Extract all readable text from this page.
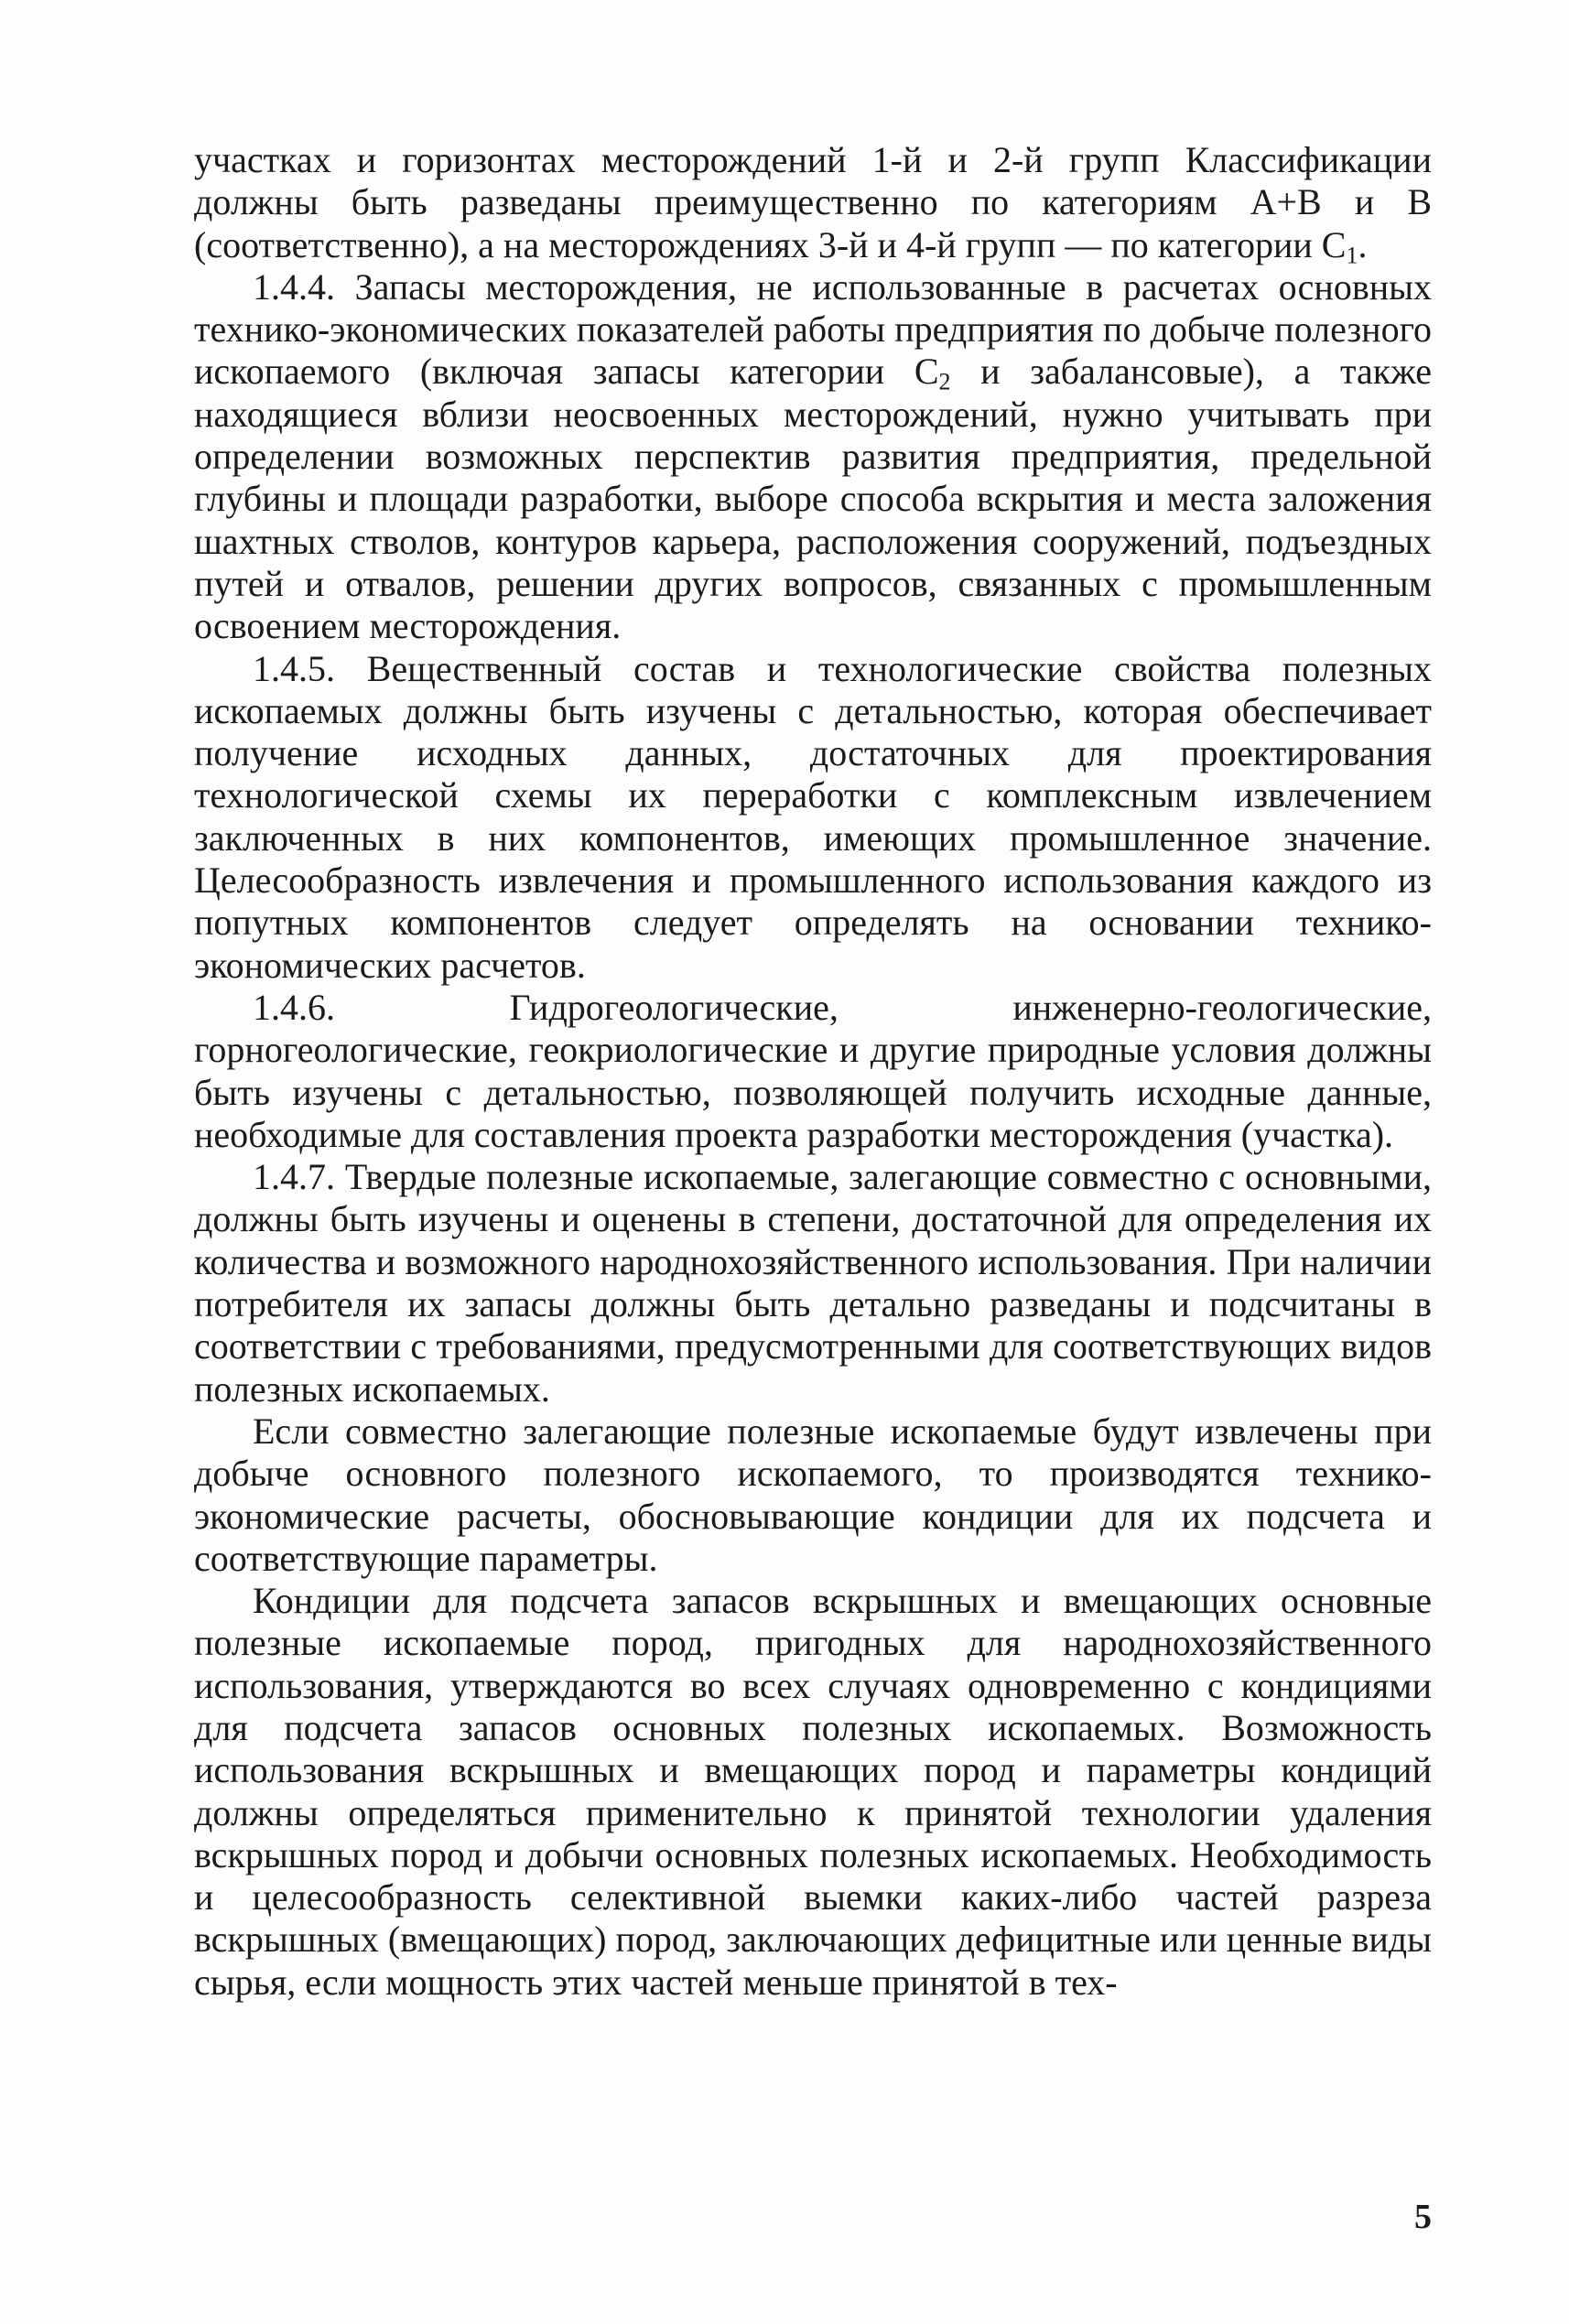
участках и горизонтах месторождений 1-й и 2-й групп Классификации должны быть разведаны преимущественно по категориям А+В и В (соответственно), а на месторождениях 3-й и 4-й групп — по категории $С_1$.

1.4.4. Запасы месторождения, не использованные в расчетах основных технико-экономических показателей работы предприятия по добыче полезного ископаемого (включая запасы категории $С_2$ и забалансовые), а также находящиеся вблизи неосвоенных месторождений, нужно учитывать при определении возможных перспектив развития предприятия, предельной глубины и площади разработки, выборе способа вскрытия и места заложения шахтных стволов, контуров карьера, расположения сооружений, подъездных путей и отвалов, решении других вопросов, связанных с промышленным освоением месторождения.

1.4.5. Вещественный состав и технологические свойства полезных ископаемых должны быть изучены с детальностью, которая обеспечивает получение исходных данных, достаточных для проектирования технологической схемы их переработки с комплексным извлечением заключенных в них компонентов, имеющих промышленное значение. Целесообразность извлечения и промышленного использования каждого из попутных компонентов следует определять на основании технико-экономических расчетов.

1.4.6. Гидрогеологические, инженерно-геологические, горногеологические, геокриологические и другие природные условия должны быть изучены с детальностью, позволяющей получить исходные данные, необходимые для составления проекта разработки месторождения (участка).

1.4.7. Твердые полезные ископаемые, залегающие совместно с основными, должны быть изучены и оценены в степени, достаточной для определения их количества и возможного народнохозяйственного использования. При наличии потребителя их запасы должны быть детально разведаны и подсчитаны в соответствии с требованиями, предусмотренными для соответствующих видов полезных ископаемых.

Если совместно залегающие полезные ископаемые будут извлечены при добыче основного полезного ископаемого, то производятся технико-экономические расчеты, обосновывающие кондиции для их подсчета и соответствующие параметры.

Кондиции для подсчета запасов вскрышных и вмещающих основные полезные ископаемые пород, пригодных для народнохозяйственного использования, утверждаются во всех случаях одновременно с кондициями для подсчета запасов основных полезных ископаемых. Возможность использования вскрышных и вмещающих пород и параметры кондиций должны определяться применительно к принятой технологии удаления вскрышных пород и добычи основных полезных ископаемых. Необходимость и целесообразность селективной выемки каких-либо частей разреза вскрышных (вмещающих) пород, заключающих дефицитные или ценные виды сырья, если мощность этих частей меньше принятой в тех-

5
